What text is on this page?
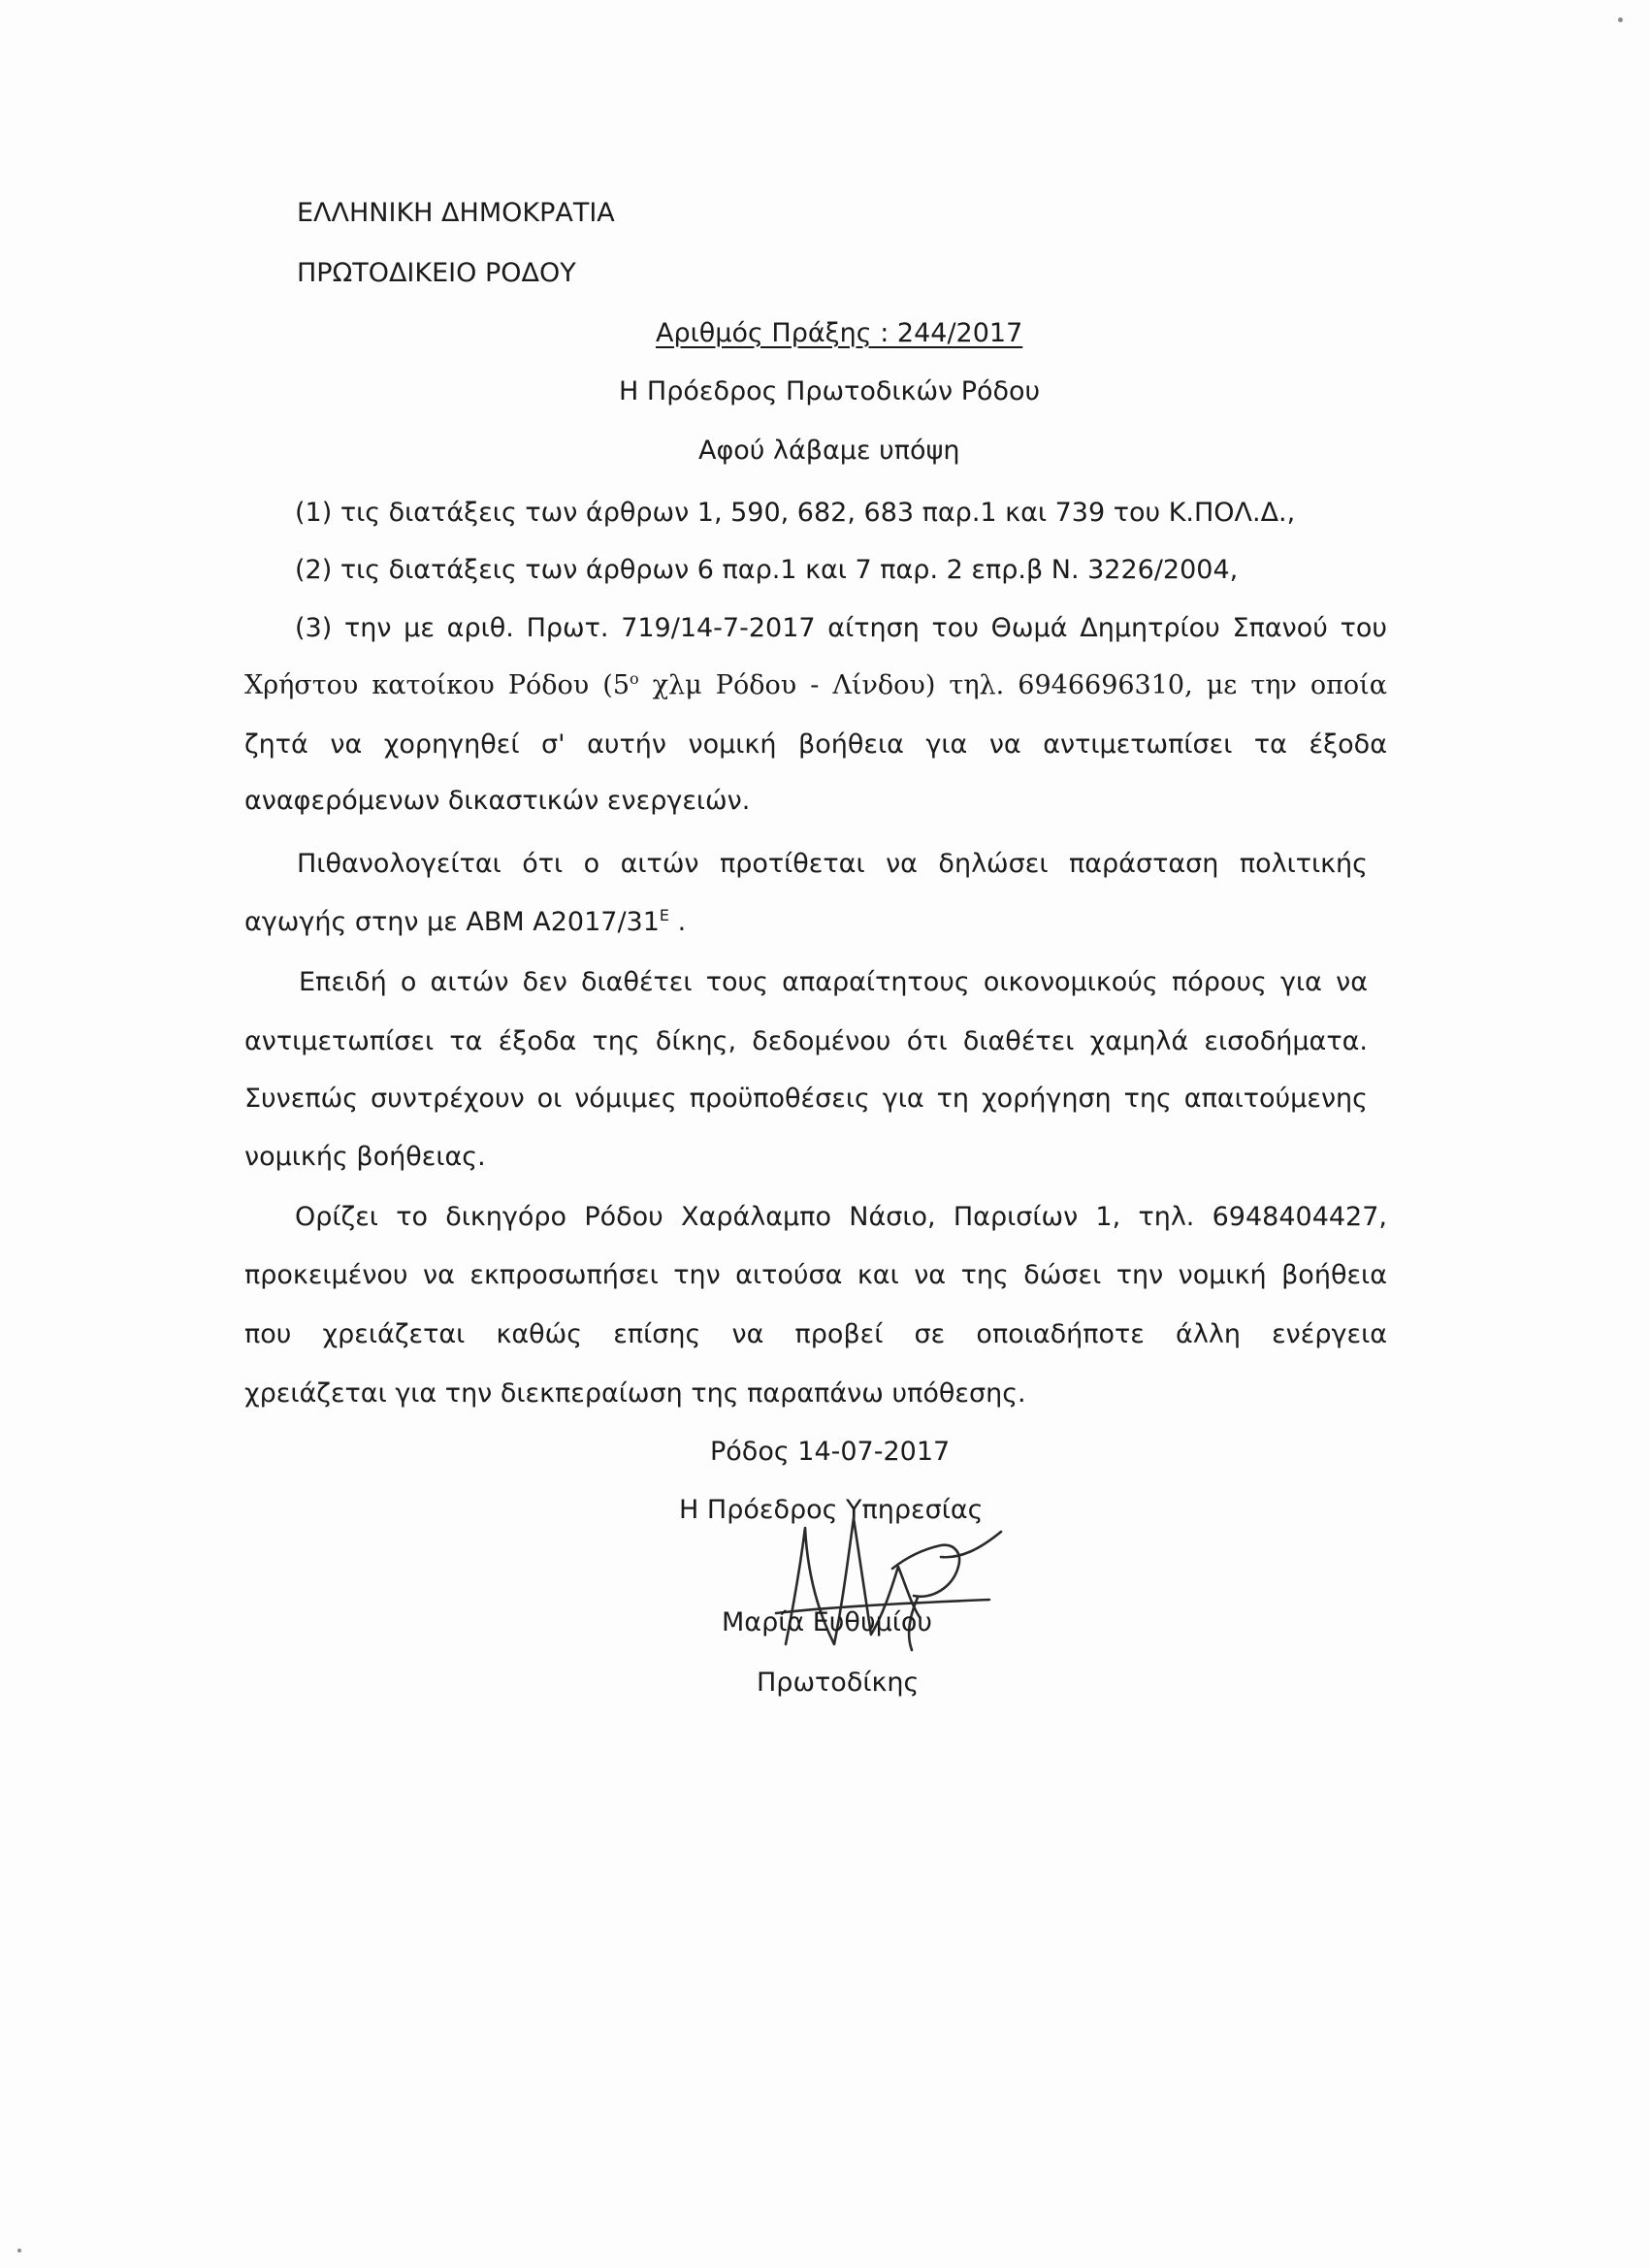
ΕΛΛΗΝΙΚΗ ΔΗΜΟΚΡΑΤΙΑ
ΠΡΩΤΟΔΙΚΕΙΟ ΡΟΔΟΥ
Αριθμός Πράξης : 244/2017
Η Πρόεδρος Πρωτοδικών Ρόδου
Αφού λάβαμε υπόψη
(1) τις διατάξεις των άρθρων 1, 590, 682, 683 παρ.1 και 739 του Κ.ΠΟΛ.Δ.,
(2) τις διατάξεις των άρθρων 6 παρ.1 και 7 παρ. 2 επρ.β Ν. 3226/2004,
(3) την με αριθ. Πρωτ. 719/14-7-2017 αίτηση του Θωμά Δημητρίου Σπανού του
Χρήστου κατοίκου Ρόδου ($5^o$ χλμ Ρόδου - Λίνδου) τηλ. 6946696310, με την οποία
ζητά να χορηγηθεί σ' αυτήν νομική βοήθεια για να αντιμετωπίσει τα έξοδα
αναφερόμενων δικαστικών ενεργειών.
Πιθανολογείται ότι ο αιτών προτίθεται να δηλώσει παράσταση πολιτικής
αγωγής στην με ΑΒΜ $A2017/31^E$ .
Επειδή ο αιτών δεν διαθέτει τους απαραίτητους οικονομικούς πόρους για να
αντιμετωπίσει τα έξοδα της δίκης, δεδομένου ότι διαθέτει χαμηλά εισοδήματα.
Συνεπώς συντρέχουν οι νόμιμες προϋποθέσεις για τη χορήγηση της απαιτούμενης
νομικής βοήθειας.
Ορίζει το δικηγόρο Ρόδου Χαράλαμπο Νάσιο, Παρισίων 1, τηλ. 6948404427,
προκειμένου να εκπροσωπήσει την αιτούσα και να της δώσει την νομική βοήθεια
που χρειάζεται καθώς επίσης να προβεί σε οποιαδήποτε άλλη ενέργεια
χρειάζεται για την διεκπεραίωση της παραπάνω υπόθεσης.
Ρόδος 14-07-2017
Η Πρόεδρος Υπηρεσίας
Μαρία Ευθυμίου
Πρωτοδίκης
